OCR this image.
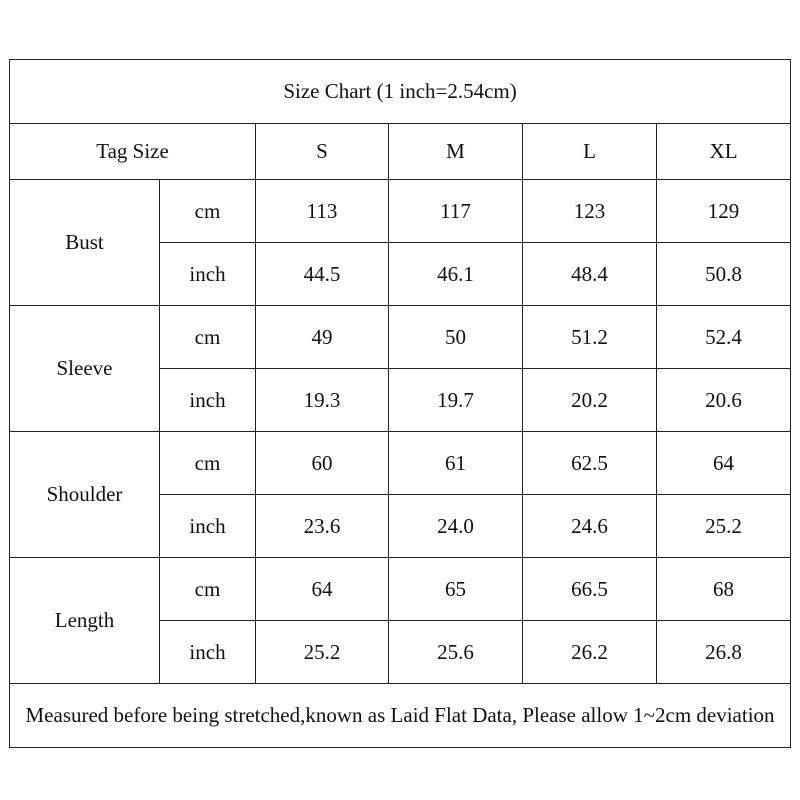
Size Chart (1 inch=2.54cm)					
Tag Size		S	M	L	XL
Bust	cm	113	117	123	129
	inch	44.5	46.1	48.4	50.8
Sleeve	cm	49	50	51.2	52.4
	inch	19.3	19.7	20.2	20.6
Shoulder	cm	60	61	62.5	64
	inch	23.6	24.0	24.6	25.2
Length	cm	64	65	66.5	68
	inch	25.2	25.6	26.2	26.8
Measured before being stretched,known as Laid Flat Data, Please allow 1~2cm deviation					
